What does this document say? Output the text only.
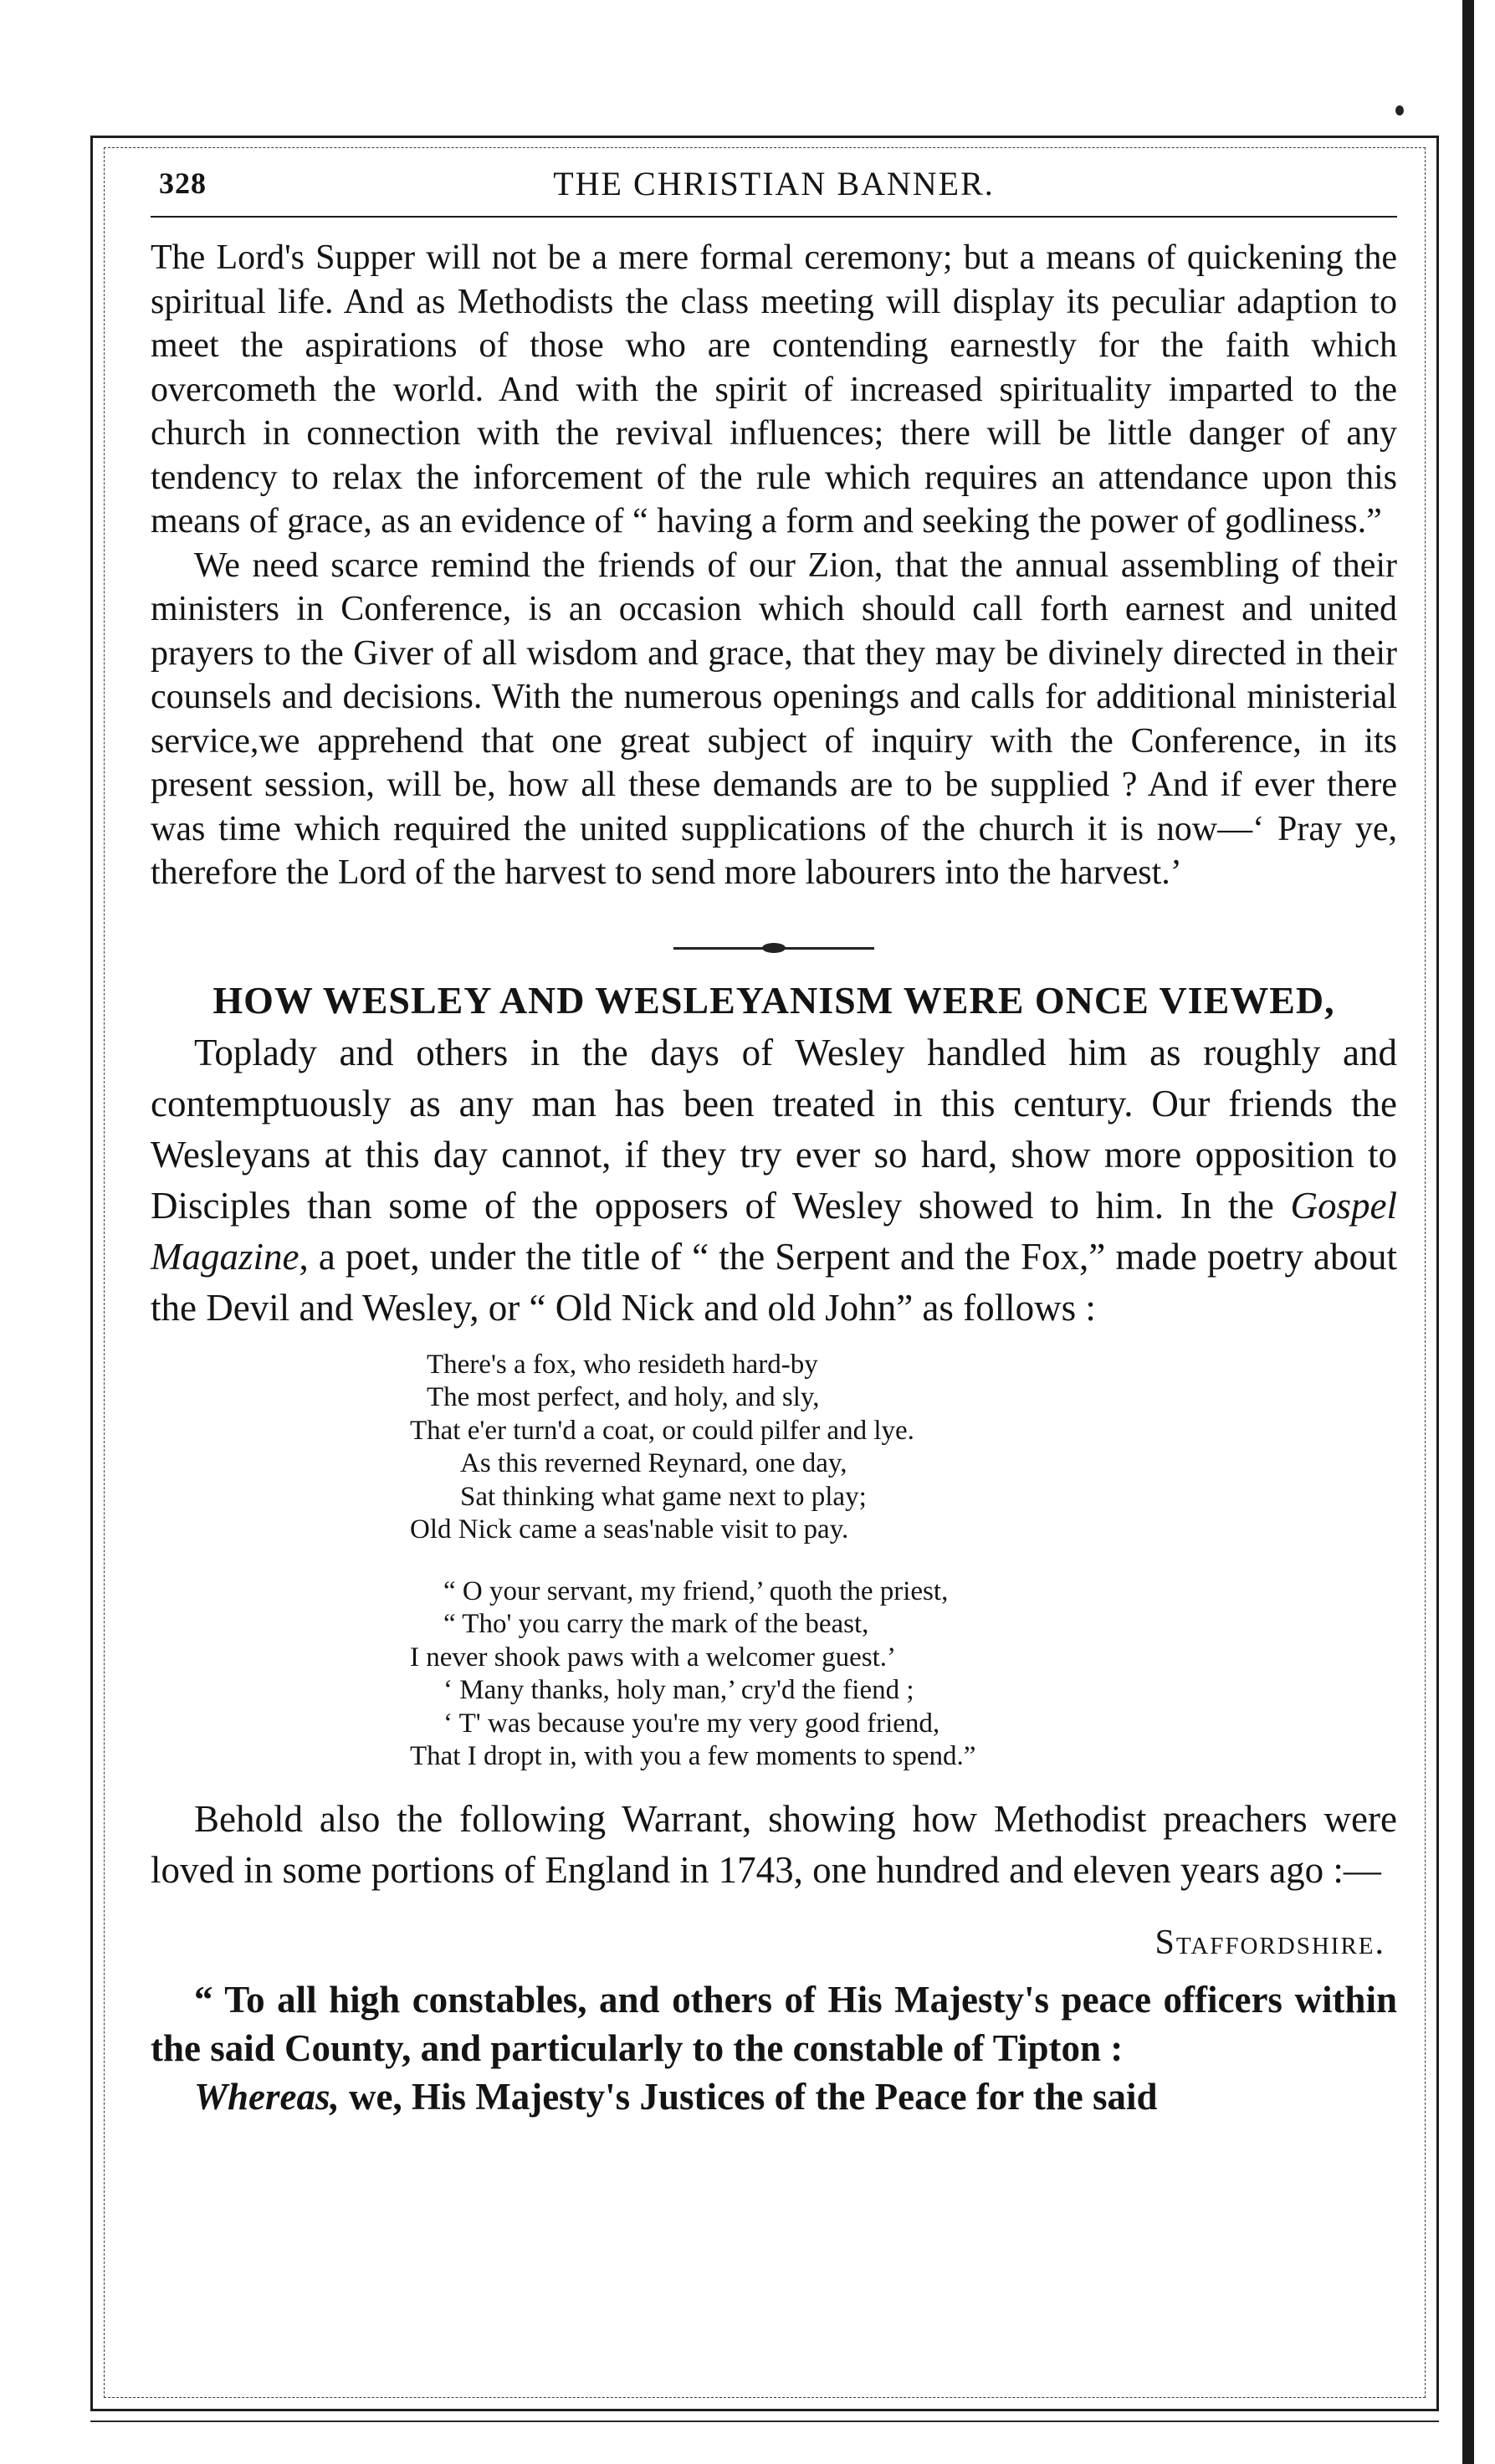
328	THE CHRISTIAN BANNER.

The Lord's Supper will not be a mere formal ceremony; but a means of quickening the spiritual life. And as Methodists the class meeting will display its peculiar adaption to meet the aspirations of those who are contending earnestly for the faith which overcometh the world. And with the spirit of increased spirituality imparted to the church in connection with the revival influences; there will be little danger of any tendency to relax the inforcement of the rule which requires an attendance upon this means of grace, as an evidence of “ having a form and seeking the power of godliness.”

We need scarce remind the friends of our Zion, that the annual assembling of their ministers in Conference, is an occasion which should call forth earnest and united prayers to the Giver of all wisdom and grace, that they may be divinely directed in their counsels and decisions. With the numerous openings and calls for additional ministerial service,we apprehend that one great subject of inquiry with the Conference, in its present session, will be, how all these demands are to be supplied ? And if ever there was time which required the united supplications of the church it is now—‘ Pray ye, therefore the Lord of the harvest to send more labourers into the harvest.’

HOW WESLEY AND WESLEYANISM WERE ONCE VIEWED,

Toplady and others in the days of Wesley handled him as roughly and contemptuously as any man has been treated in this century. Our friends the Wesleyans at this day cannot, if they try ever so hard, show more opposition to Disciples than some of the opposers of Wesley showed to him. In the Gospel Magazine, a poet, under the title of “ the Serpent and the Fox,” made poetry about the Devil and Wesley, or “ Old Nick and old John” as follows :

There's a fox, who resideth hard-by

The most perfect, and holy, and sly,

That e'er turn'd a coat, or could pilfer and lye.

As this reverned Reynard, one day,

Sat thinking what game next to play;

Old Nick came a seas'nable visit to pay.

“ O your servant, my friend,’ quoth the priest,

“ Tho' you carry the mark of the beast,

I never shook paws with a welcomer guest.’

‘ Many thanks, holy man,’ cry'd the fiend ;

‘ T' was because you're my very good friend,

That I dropt in, with you a few moments to spend.”

Behold also the following Warrant, showing how Methodist preachers were loved in some portions of England in 1743, one hundred and eleven years ago :—

Staffordshire.

“ To all high constables, and others of His Majesty's peace officers within the said County, and particularly to the constable of Tipton :

Whereas, we, His Majesty's Justices of the Peace for the said
